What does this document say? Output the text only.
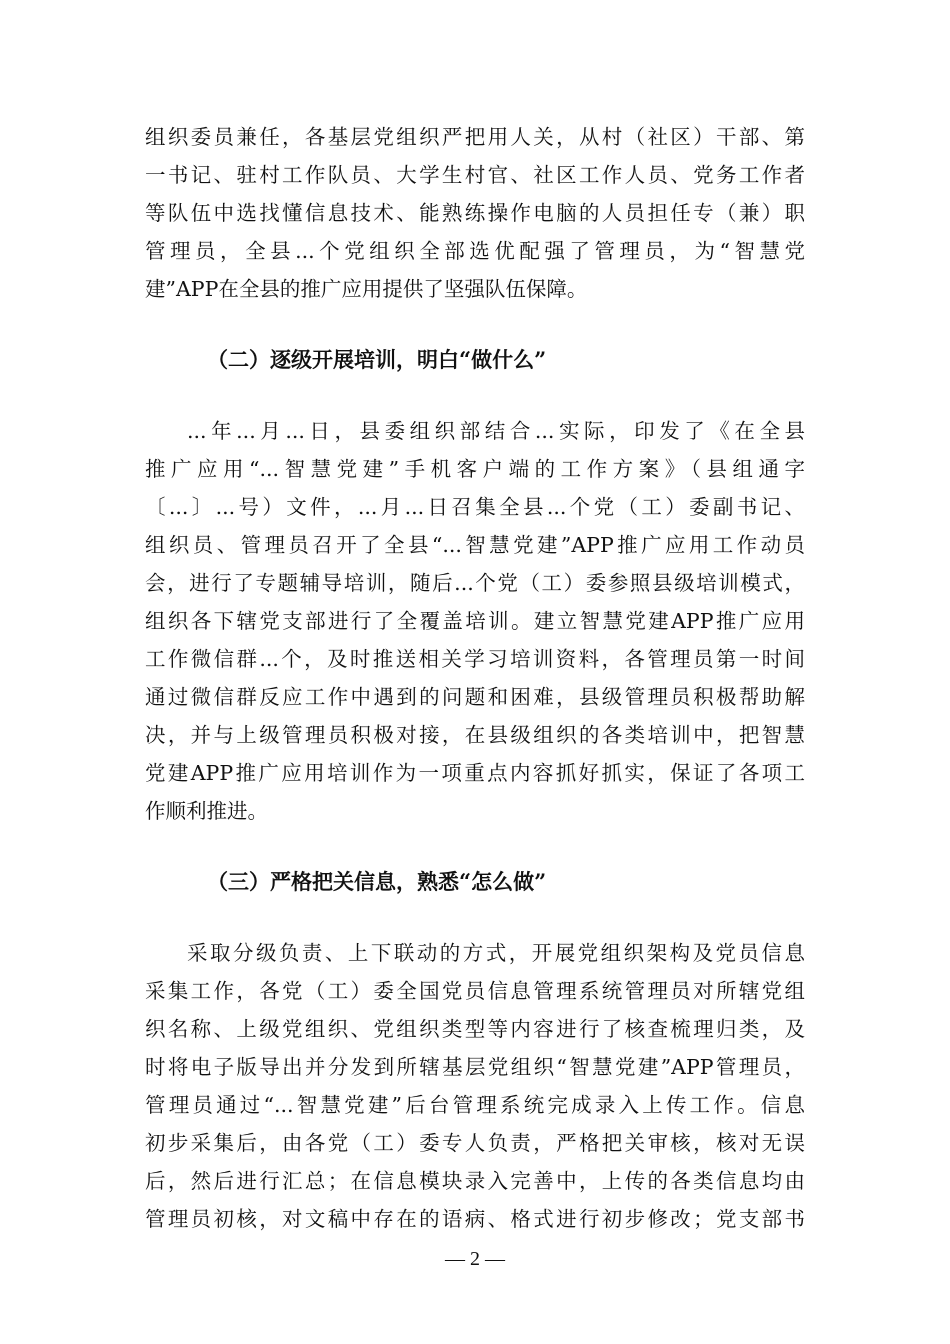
组织委员兼任，各基层党组织严把用人关，从村（社区）干部、第
一书记、驻村工作队员、大学生村官、社区工作人员、党务工作者
等队伍中选找懂信息技术、能熟练操作电脑的人员担任专（兼）职
管理员，全县...个党组织全部选优配强了管理员，为“智慧党
建”APP在全县的推广应用提供了坚强队伍保障。
（二）逐级开展培训，明白“做什么”
...年...月...日，县委组织部结合...实际，印发了《在全县
推广应用“...智慧党建”手机客户端的工作方案》（县组通字
〔...〕...号）文件，...月...日召集全县...个党（工）委副书记、
组织员、管理员召开了全县“...智慧党建”APP推广应用工作动员
会，进行了专题辅导培训，随后...个党（工）委参照县级培训模式，
组织各下辖党支部进行了全覆盖培训。建立智慧党建APP推广应用
工作微信群...个，及时推送相关学习培训资料，各管理员第一时间
通过微信群反应工作中遇到的问题和困难，县级管理员积极帮助解
决，并与上级管理员积极对接，在县级组织的各类培训中，把智慧
党建APP推广应用培训作为一项重点内容抓好抓实，保证了各项工
作顺利推进。
（三）严格把关信息，熟悉“怎么做”
采取分级负责、上下联动的方式，开展党组织架构及党员信息
采集工作，各党（工）委全国党员信息管理系统管理员对所辖党组
织名称、上级党组织、党组织类型等内容进行了核查梳理归类，及
时将电子版导出并分发到所辖基层党组织“智慧党建”APP管理员，
管理员通过“...智慧党建”后台管理系统完成录入上传工作。信息
初步采集后，由各党（工）委专人负责，严格把关审核，核对无误
后，然后进行汇总；在信息模块录入完善中，上传的各类信息均由
管理员初核，对文稿中存在的语病、格式进行初步修改；党支部书
— 2 —
